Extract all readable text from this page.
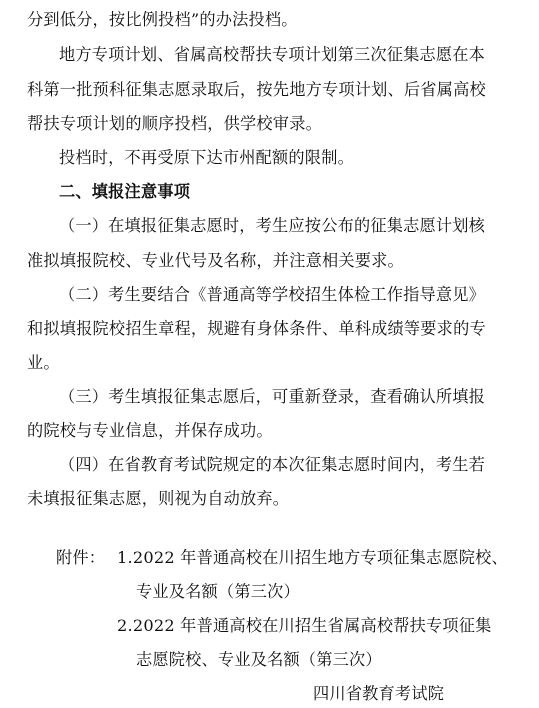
分到低分，按比例投档”的办法投档。
地方专项计划、省属高校帮扶专项计划第三次征集志愿在本
科第一批预科征集志愿录取后，按先地方专项计划、后省属高校
帮扶专项计划的顺序投档，供学校审录。
投档时，不再受原下达市州配额的限制。
二、填报注意事项
（一）在填报征集志愿时，考生应按公布的征集志愿计划核
准拟填报院校、专业代号及名称，并注意相关要求。
（二）考生要结合《普通高等学校招生体检工作指导意见》
和拟填报院校招生章程，规避有身体条件、单科成绩等要求的专
业。
（三）考生填报征集志愿后，可重新登录，查看确认所填报
的院校与专业信息，并保存成功。
（四）在省教育考试院规定的本次征集志愿时间内，考生若
未填报征集志愿，则视为自动放弃。
附件： 1.2022 年普通高校在川招生地方专项征集志愿院校、
专业及名额（第三次）
2.2022 年普通高校在川招生省属高校帮扶专项征集
志愿院校、专业及名额（第三次）
四川省教育考试院
